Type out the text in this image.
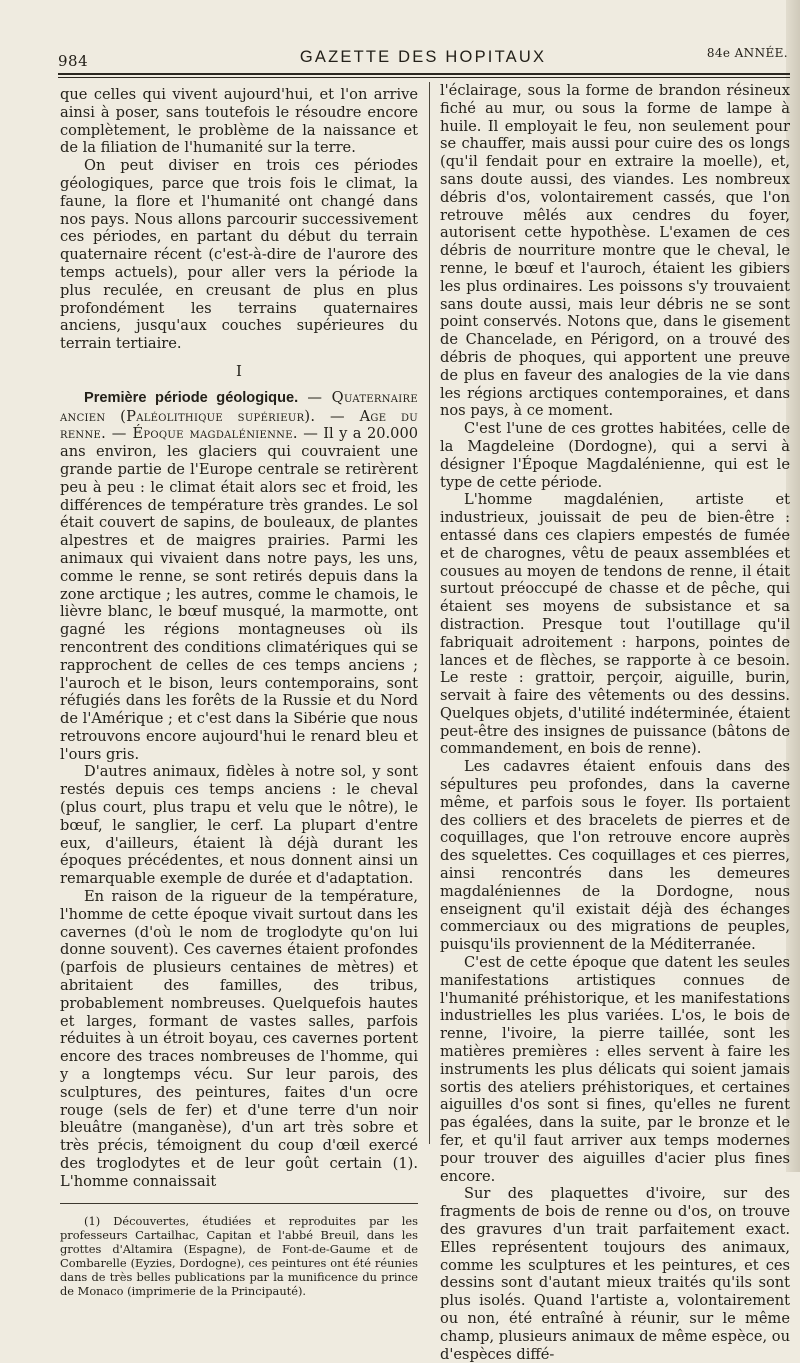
984	GAZETTE DES HOPITAUX	84e ANNÉE.

que celles qui vivent aujourd'hui, et l'on arrive ainsi à poser, sans toutefois le résoudre encore complètement, le problème de la naissance et de la filiation de l'humanité sur la terre.

On peut diviser en trois ces périodes géologiques, parce que trois fois le climat, la faune, la flore et l'humanité ont changé dans nos pays. Nous allons parcourir successivement ces périodes, en partant du début du terrain quaternaire récent (c'est-à-dire de l'aurore des temps actuels), pour aller vers la période la plus reculée, en creusant de plus en plus profondément les terrains quaternaires anciens, jusqu'aux couches supérieures du terrain tertiaire.

I

Première période géologique. — Quaternaire ancien (Paléolithique supérieur). — Age du renne. — Époque magdalénienne. — Il y a 20.000 ans environ, les glaciers qui couvraient une grande partie de l'Europe centrale se retirèrent peu à peu : le climat était alors sec et froid, les différences de température très grandes. Le sol était couvert de sapins, de bouleaux, de plantes alpestres et de maigres prairies. Parmi les animaux qui vivaient dans notre pays, les uns, comme le renne, se sont retirés depuis dans la zone arctique ; les autres, comme le chamois, le lièvre blanc, le bœuf musqué, la marmotte, ont gagné les régions montagneuses où ils rencontrent des conditions climatériques qui se rapprochent de celles de ces temps anciens ; l'auroch et le bison, leurs contemporains, sont réfugiés dans les forêts de la Russie et du Nord de l'Amérique ; et c'est dans la Sibérie que nous retrouvons encore aujourd'hui le renard bleu et l'ours gris.

D'autres animaux, fidèles à notre sol, y sont restés depuis ces temps anciens : le cheval (plus court, plus trapu et velu que le nôtre), le bœuf, le sanglier, le cerf. La plupart d'entre eux, d'ailleurs, étaient là déjà durant les époques précédentes, et nous donnent ainsi un remarquable exemple de durée et d'adaptation.

En raison de la rigueur de la température, l'homme de cette époque vivait surtout dans les cavernes (d'où le nom de troglodyte qu'on lui donne souvent). Ces cavernes étaient profondes (parfois de plusieurs centaines de mètres) et abritaient des familles, des tribus, probablement nombreuses. Quelquefois hautes et larges, formant de vastes salles, parfois réduites à un étroit boyau, ces cavernes portent encore des traces nombreuses de l'homme, qui y a longtemps vécu. Sur leur parois, des sculptures, des peintures, faites d'un ocre rouge (sels de fer) et d'une terre d'un noir bleuâtre (manganèse), d'un art très sobre et très précis, témoignent du coup d'œil exercé des troglodytes et de leur goût certain (1). L'homme connaissait

(1) Découvertes, étudiées et reproduites par les professeurs Cartailhac, Capitan et l'abbé Breuil, dans les grottes d'Altamira (Espagne), de Font-de-Gaume et de Combarelle (Eyzies, Dordogne), ces peintures ont été réunies dans de très belles publications par la munificence du prince de Monaco (imprimerie de la Principauté).

l'éclairage, sous la forme de brandon résineux fiché au mur, ou sous la forme de lampe à huile. Il employait le feu, non seulement pour se chauffer, mais aussi pour cuire des os longs (qu'il fendait pour en extraire la moelle), et, sans doute aussi, des viandes. Les nombreux débris d'os, volontairement cassés, que l'on retrouve mêlés aux cendres du foyer, autorisent cette hypothèse. L'examen de ces débris de nourriture montre que le cheval, le renne, le bœuf et l'auroch, étaient les gibiers les plus ordinaires. Les poissons s'y trouvaient sans doute aussi, mais leur débris ne se sont point conservés. Notons que, dans le gisement de Chancelade, en Périgord, on a trouvé des débris de phoques, qui apportent une preuve de plus en faveur des analogies de la vie dans les régions arctiques contemporaines, et dans nos pays, à ce moment.

C'est l'une de ces grottes habitées, celle de la Magdeleine (Dordogne), qui a servi à désigner l'Époque Magdalénienne, qui est le type de cette période.

L'homme magdalénien, artiste et industrieux, jouissait de peu de bien-être : entassé dans ces clapiers empestés de fumée et de charognes, vêtu de peaux assemblées et cousues au moyen de tendons de renne, il était surtout préoccupé de chasse et de pêche, qui étaient ses moyens de subsistance et sa distraction. Presque tout l'outillage qu'il fabriquait adroitement : harpons, pointes de lances et de flèches, se rapporte à ce besoin. Le reste : grattoir, perçoir, aiguille, burin, servait à faire des vêtements ou des dessins. Quelques objets, d'utilité indéterminée, étaient peut-être des insignes de puissance (bâtons de commandement, en bois de renne).

Les cadavres étaient enfouis dans des sépultures peu profondes, dans la caverne même, et parfois sous le foyer. Ils portaient des colliers et des bracelets de pierres et de coquillages, que l'on retrouve encore auprès des squelettes. Ces coquillages et ces pierres, ainsi rencontrés dans les demeures magdaléniennes de la Dordogne, nous enseignent qu'il existait déjà des échanges commerciaux ou des migrations de peuples, puisqu'ils proviennent de la Méditerranée.

C'est de cette époque que datent les seules manifestations artistiques connues de l'humanité préhistorique, et les manifestations industrielles les plus variées. L'os, le bois de renne, l'ivoire, la pierre taillée, sont les matières premières : elles servent à faire les instruments les plus délicats qui soient jamais sortis des ateliers préhistoriques, et certaines aiguilles d'os sont si fines, qu'elles ne furent pas égalées, dans la suite, par le bronze et le fer, et qu'il faut arriver aux temps modernes pour trouver des aiguilles d'acier plus fines encore.

Sur des plaquettes d'ivoire, sur des fragments de bois de renne ou d'os, on trouve des gravures d'un trait parfaitement exact. Elles représentent toujours des animaux, comme les sculptures et les peintures, et ces dessins sont d'autant mieux traités qu'ils sont plus isolés. Quand l'artiste a, volontairement ou non, été entraîné à réunir, sur le même champ, plusieurs animaux de même espèce, ou d'espèces diffé-
